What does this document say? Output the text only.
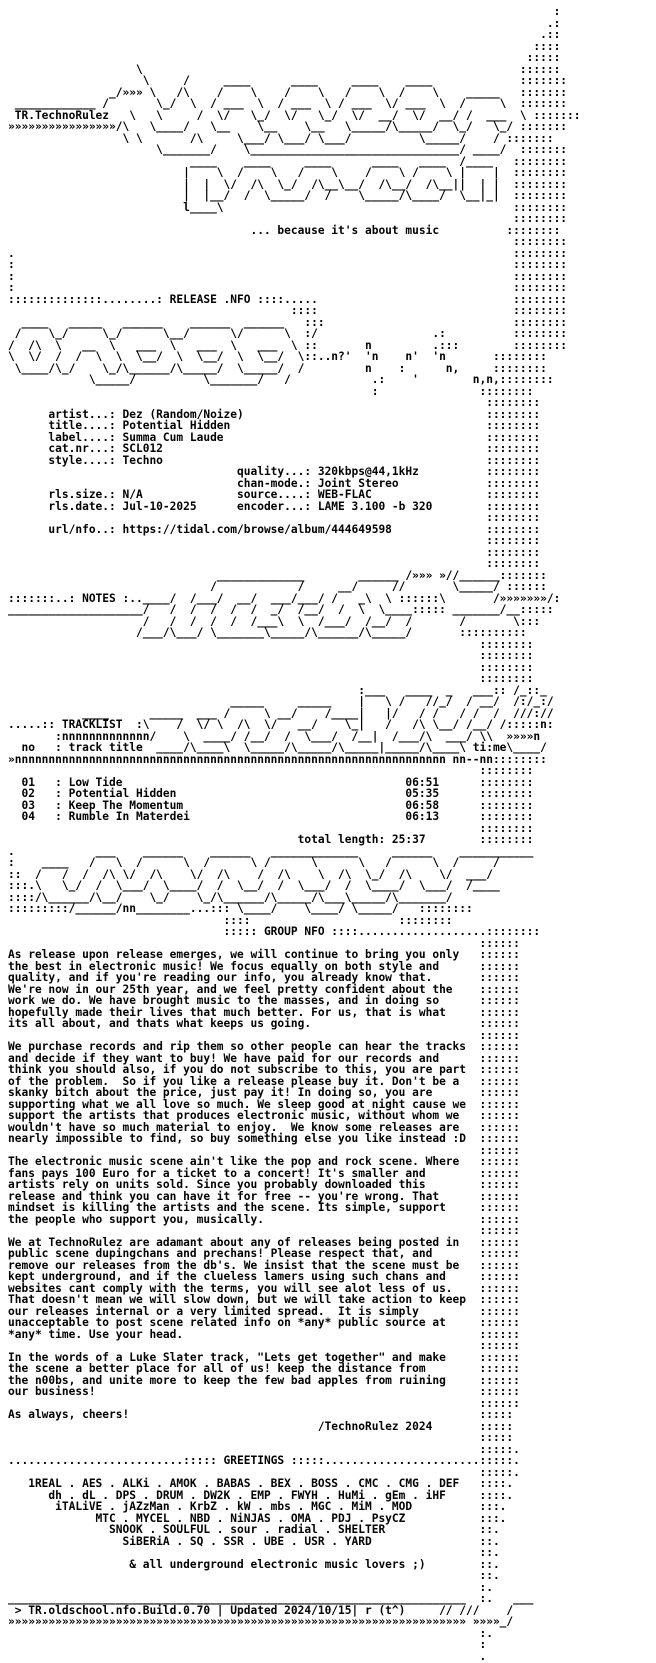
:
.:
.::
::::
:::::
\                                                        ::::::
\     /     ____      ____     ____    ____             :::::::
_/»»» \   /\    /    \    /    \   /    \  /    \    _____   :::::::
____________ /       \_/  \  / ___  \  / ___  \ / ___  \/ ___  \  /     \  :::::::
TR.TechnoRulez   \   \     /  \/   \_/  \/   \_/  \/  __/  \/  __/ /  ___  \ :::::::
»»»»»»»»»»»»»»»»/\   \____/   \__    \__    \__   \_____/\_____/  \_/   \_/ :::::::
\ \       /\     \___/ \___/ \___/          \_____/    / :::::::
\_______/    \_______________________________/ ____/  :::::::
____    ____     ____      ____   ____  /____   ::::::::
|    \  /    \   /    \    /    \ /    \ |    |  ::::::::
|  |  \/  /\  \_/  /\__\__/  /\__/  /\__||  | |  ::::::::
|  |__/  /  \_____/  /    \_____/\____/  \__|_|  ::::::::
l____\                                           ::::::::
::::::::
... because it's about music          ::::::::
::::::::
.                                                                          ::::::::
:                                                                          ::::::::
:                                                                          ::::::::
:                                                                          ::::::::
::::::::::::::........: RELEASE .NFO ::::.....                             ::::::::
::::                             ::::::::
____   _____   ______    ______  ______   :::                            ::::::::
/    \_/     \_/      \__/      \/      \  :/                 .:          ::::::::
/  /\  \   __  \   ___  \   ___  \   ___  \ ::       n         .:::        ::::::::
\  \/  /  /  \  \  \__/  \  \__/  \  \__/  \::..n?'  'n    n'  'n       ::::::::
\____/\_/    \_/\______/\_____/  \_____/  /         n    :      n,     ::::::::
\_____/          \_______/   /            .:    '        n,n,::::::::
:               ::::::::
::::::::
artist...: Dez (Random/Noize)                                    ::::::::
title....: Potential Hidden                                      ::::::::
label....: Summa Cum Laude                                       ::::::::
cat.nr...: SCL012                                                ::::::::
style....: Techno                                                ::::::::
quality...: 320kbps@44,1kHz          ::::::::
chan-mode.: Joint Stereo             ::::::::
rls.size.: N/A              source....: WEB-FLAC                 ::::::::
rls.date.: Jul-10-2025      encoder...: LAME 3.100 -b 320        ::::::::
::::::::
url/nfo..: https://tidal.com/browse/album/444649598              ::::::::
::::::::
::::::::
::::::::
_____________        ______ /»»» »//______:::::::
/            /     __/     //       \_____/ ::::::
:::::::..: NOTES :..____/  /___/  __/  ___/___/ /   _\  \ ::::::\       /»»»»»»»/:
____________________/   /  /  /  /  /  _/  /__/  /  \  \____::::: _______/__:::::
/   /  /  /  /  /___\  \  /___/  /__/  /       /       \:::
/___/\___/ \_______\_____/\______/\_____/       ::::::::::
::::::::
::::::::
::::::::
::::::::
:___   ____  _   ___:: /_::_
_____     _____    |   \ /   //_/  / __/  /:/_:/
____      _____  ___ /     \ __/    /____|   |/   / /   / /  /  ///://
.....:: TRACKLIST  :\    /  \/ \  /\  \/   __/    \_|   /   /\ \__/ /__/ /:::::n:
:nnnnnnnnnnnnn/    \  ____/ /__/  /  \___/  /__|  /___/\  ___/ \\  »»»»n
no   : track title  ____/\____\  \_____/\_____/\_____|_____/\____\ ti:me\____/
»nnnnnnnnnnnnnnnnnnnnnnnnnnnnnnnnnnnnnnnnnnnnnnnnnnnnnnnnnnnnnnnn nn--nn::::::::
::::::::
01   : Low Tide                                          06:51      ::::::::
02   : Potential Hidden                                  05:35      ::::::::
03   : Keep The Momentum                                 06:58      ::::::::
04   : Rumble In Materdei                                06:13      ::::::::
::::::::
total length: 25:37        ::::::::
.            ___    ______    ______   _____________     ______    ___________
:    ____   /   \  /      \  /      \ /      \      \   /      \  /     /
::  /   /  /  /\ \/  /\    \/  /\    /  /\    \  /\  \_/  /\    \/  ___/
:::.\   \_/  /  \___/  \____/  /  \__/  /  \___/  /  \____/  \___/  /____
::::/\______/\__/    \_/    \_/\______/\_____/\___\_____/\_______/
:::::::::/______/nn________...::: \____/    \____/ \_____/   ::::::::
::::                      ::::::::
::::: GROUP NFO ::::...................::::::::
::::::
As release upon release emerges, we will continue to bring you only   ::::::
the best in electronic music! We focus equally on both style and      ::::::
quality, and if you're reading our info, you already know that.       ::::::
We're now in our 25th year, and we feel pretty confident about the    ::::::
work we do. We have brought music to the masses, and in doing so      ::::::
hopefully made their lives that much better. For us, that is what     ::::::
its all about, and thats what keeps us going.                         ::::::
::::::
We purchase records and rip them so other people can hear the tracks  ::::::
and decide if they want to buy! We have paid for our records and      ::::::
think you should also, if you do not subscribe to this, you are part  ::::::
of the problem.  So if you like a release please buy it. Don't be a   ::::::
skanky bitch about the price, just pay it! In doing so, you are       ::::::
supporting what we all love so much. We sleep good at night cause we  ::::::
support the artists that produces electronic music, without whom we   ::::::
wouldn't have so much material to enjoy.  We know some releases are   ::::::
nearly impossible to find, so buy something else you like instead :D  ::::::
::::::
The electronic music scene ain't like the pop and rock scene. Where   ::::::
fans pays 100 Euro for a ticket to a concert! It's smaller and        ::::::
artists rely on units sold. Since you probably downloaded this        ::::::
release and think you can have it for free -- you're wrong. That      ::::::
mindset is killing the artists and the scene. Its simple, support     ::::::
the people who support you, musically.                                ::::::
::::::
We at TechnoRulez are adamant about any of releases being posted in   ::::::
public scene dupingchans and prechans! Please respect that, and       ::::::
remove our releases from the db's. We insist that the scene must be   ::::::
kept underground, and if the clueless lamers using such chans and     ::::::
websites cant comply with the terms, you will see alot less of us.    ::::::
That doesn't mean we will slow down, but we will take action to keep  ::::::
our releases internal or a very limited spread.  It is simply         ::::::
unacceptable to post scene related info on *any* public source at     ::::::
*any* time. Use your head.                                            ::::::
::::::
In the words of a Luke Slater track, "Lets get together" and make     ::::::
the scene a better place for all of us! keep the distance from        ::::::
the n00bs, and unite more to keep the few bad apples from ruining     ::::::
our business!                                                         ::::::
::::::
As always, cheers!                                                    :::::
/TechnoRulez 2024       :::::
:::::
:::::.
..........................::::: GREETINGS :::::.......................:::::.
:::::.
1REAL . AES . ALKi . AMOK . BABAS . BEX . BOSS . CMC . CMG . DEF   ::::.
dh . dL . DPS . DRUM . DW2K . EMP . FWYH . HuMi . gEm . iHF     ::::.
iTALiVE . jAZzMan . KrbZ . kW . mbs . MGC . MiM . MOD          :::.
MTC . MYCEL . NBD . NiNJAS . OMA . PDJ . PsyCZ           :::.
SNOOK . SOULFUL . sour . radial . SHELTER              ::.
SiBERiA . SQ . SSR . UBE . USR . YARD                ::.
::.
& all underground electronic music lovers ;)        ::.
::.
:.
____________________________________________________________________  :.   ___
> TR.oldschool.nfo.Build.0.70 | Updated 2024/10/15| r (t^)     // ///    /
»»»»»»»»»»»»»»»»»»»»»»»»»»»»»»»»»»»»»»»»»»»»»»»»»»»»»»»»»»»»»»»»»»»» »»»»_/
:.
:
.
